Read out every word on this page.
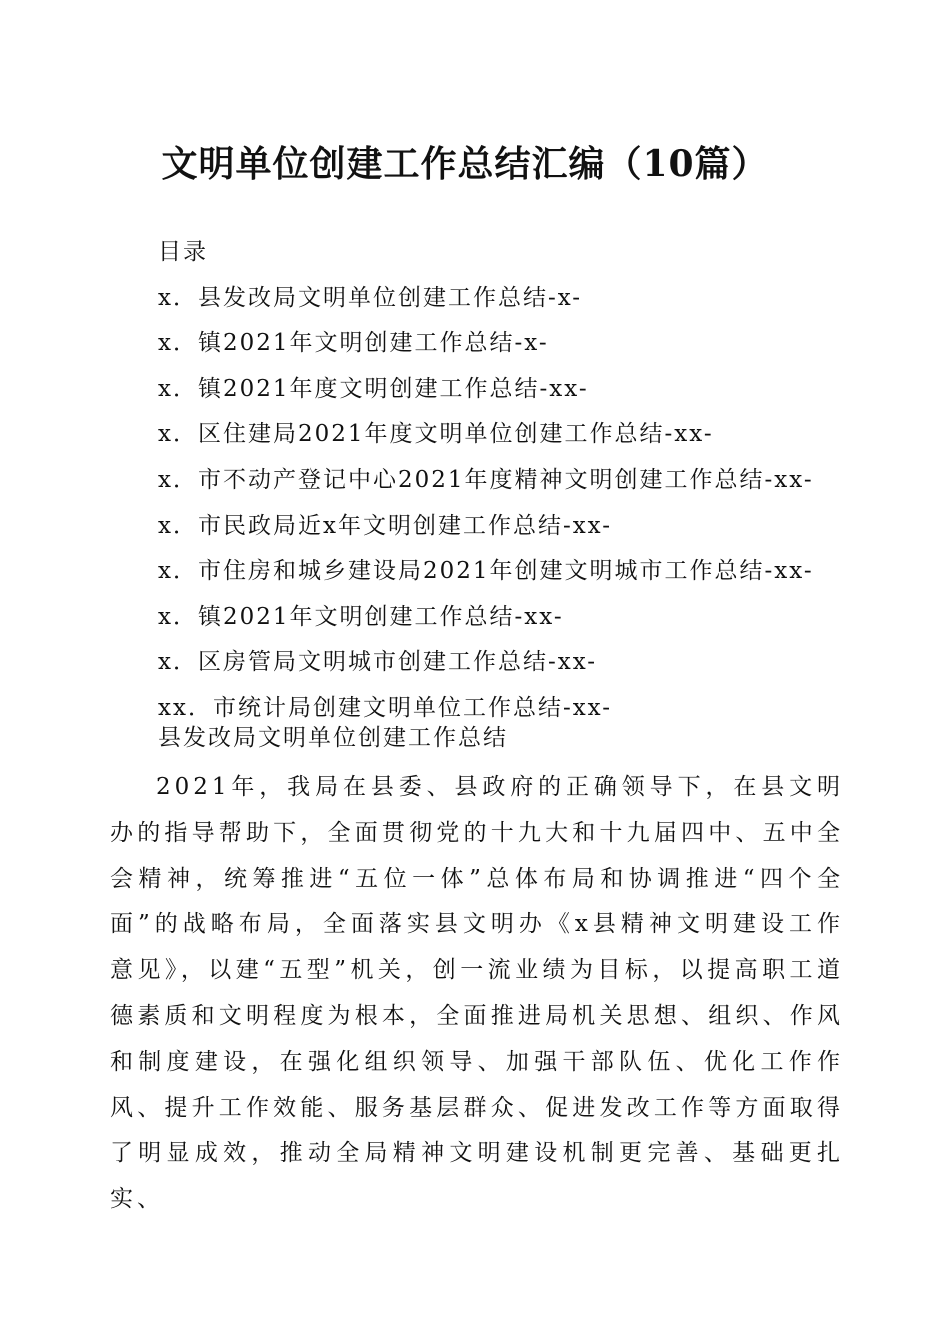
文明单位创建工作总结汇编（10篇）
目录
x．县发改局文明单位创建工作总结-x-
x．镇2021年文明创建工作总结-x-
x．镇2021年度文明创建工作总结-xx-
x．区住建局2021年度文明单位创建工作总结-xx-
x．市不动产登记中心2021年度精神文明创建工作总结-xx-
x．市民政局近x年文明创建工作总结-xx-
x．市住房和城乡建设局2021年创建文明城市工作总结-xx-
x．镇2021年文明创建工作总结-xx-
x．区房管局文明城市创建工作总结-xx-
xx．市统计局创建文明单位工作总结-xx-
县发改局文明单位创建工作总结
2021年，我局在县委、县政府的正确领导下，在县文明办的指导帮助下，全面贯彻党的十九大和十九届四中、五中全会精神，统筹推进“五位一体”总体布局和协调推进“四个全面”的战略布局，全面落实县文明办《x县精神文明建设工作意见》，以建“五型”机关，创一流业绩为目标，以提高职工道德素质和文明程度为根本，全面推进局机关思想、组织、作风和制度建设，在强化组织领导、加强干部队伍、优化工作作风、提升工作效能、服务基层群众、促进发改工作等方面取得了明显成效，推动全局精神文明建设机制更完善、基础更扎实、
